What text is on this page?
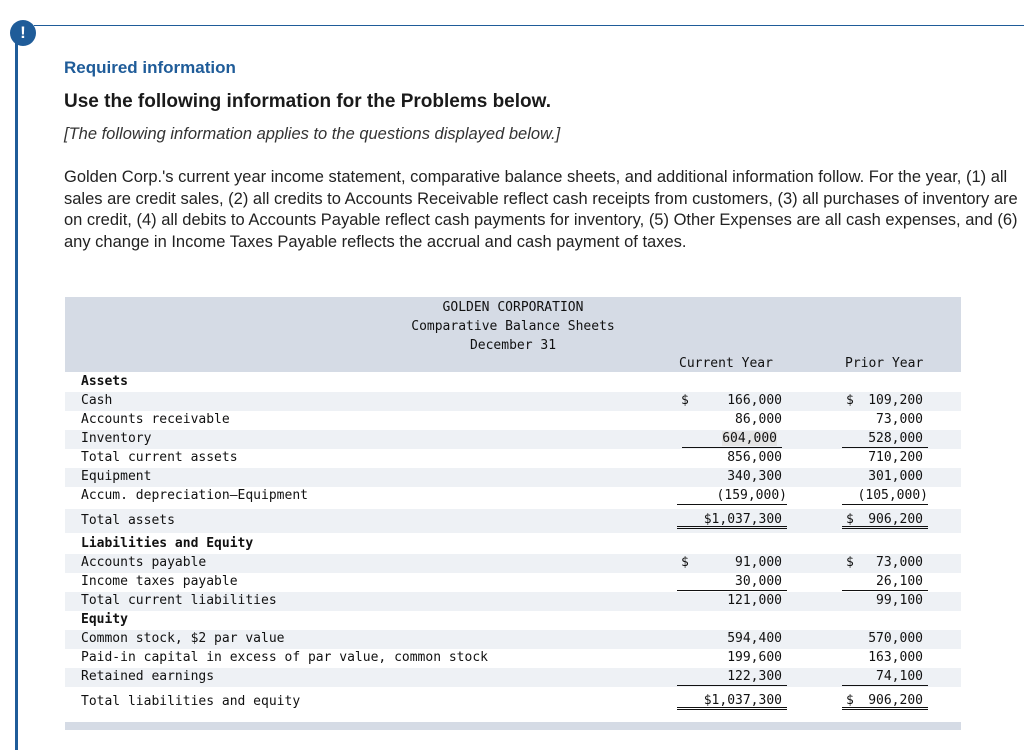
!
Required information
Use the following information for the Problems below.
[The following information applies to the questions displayed below.]
Golden Corp.'s current year income statement, comparative balance sheets, and additional information follow. For the year, (1) all sales are credit sales, (2) all credits to Accounts Receivable reflect cash receipts from customers, (3) all purchases of inventory are on credit, (4) all debits to Accounts Payable reflect cash payments for inventory, (5) Other Expenses are all cash expenses, and (6) any change in Income Taxes Payable reflects the accrual and cash payment of taxes.
GOLDEN CORPORATION
Comparative Balance Sheets
December 31
Current Year	Prior Year
Assets
Cash	$	166,000	$ 109,200
Accounts receivable	86,000	73,000
Inventory	604,000	528,000
Total current assets	856,000	710,200
Equipment	340,300	301,000
Accum. depreciation—Equipment	(159,000)	(105,000)
Total assets	$1,037,300	$ 906,200
Liabilities and Equity
Accounts payable	$	91,000	$ 73,000
Income taxes payable	30,000	26,100
Total current liabilities	121,000	99,100
Equity
Common stock, $2 par value	594,400	570,000
Paid-in capital in excess of par value, common stock	199,600	163,000
Retained earnings	122,300	74,100
Total liabilities and equity	$1,037,300	$ 906,200
